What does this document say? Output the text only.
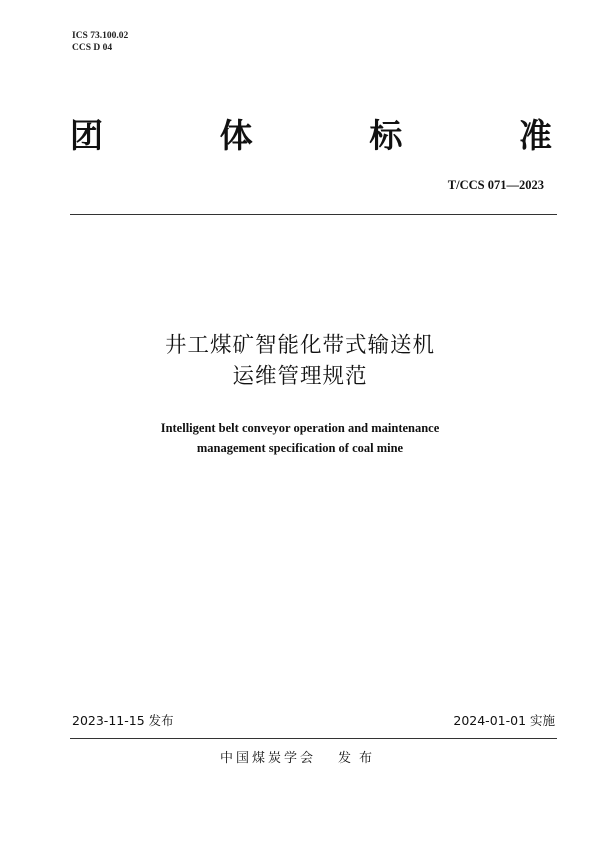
ICS 73.100.02
CCS D 04
团	体	标	准
T/CCS 071—2023
井工煤矿智能化带式输送机
运维管理规范
Intelligent belt conveyor operation and maintenance
management specification of coal mine
2023-11-15 发布	2024-01-01 实施
中国煤炭学会 发布
